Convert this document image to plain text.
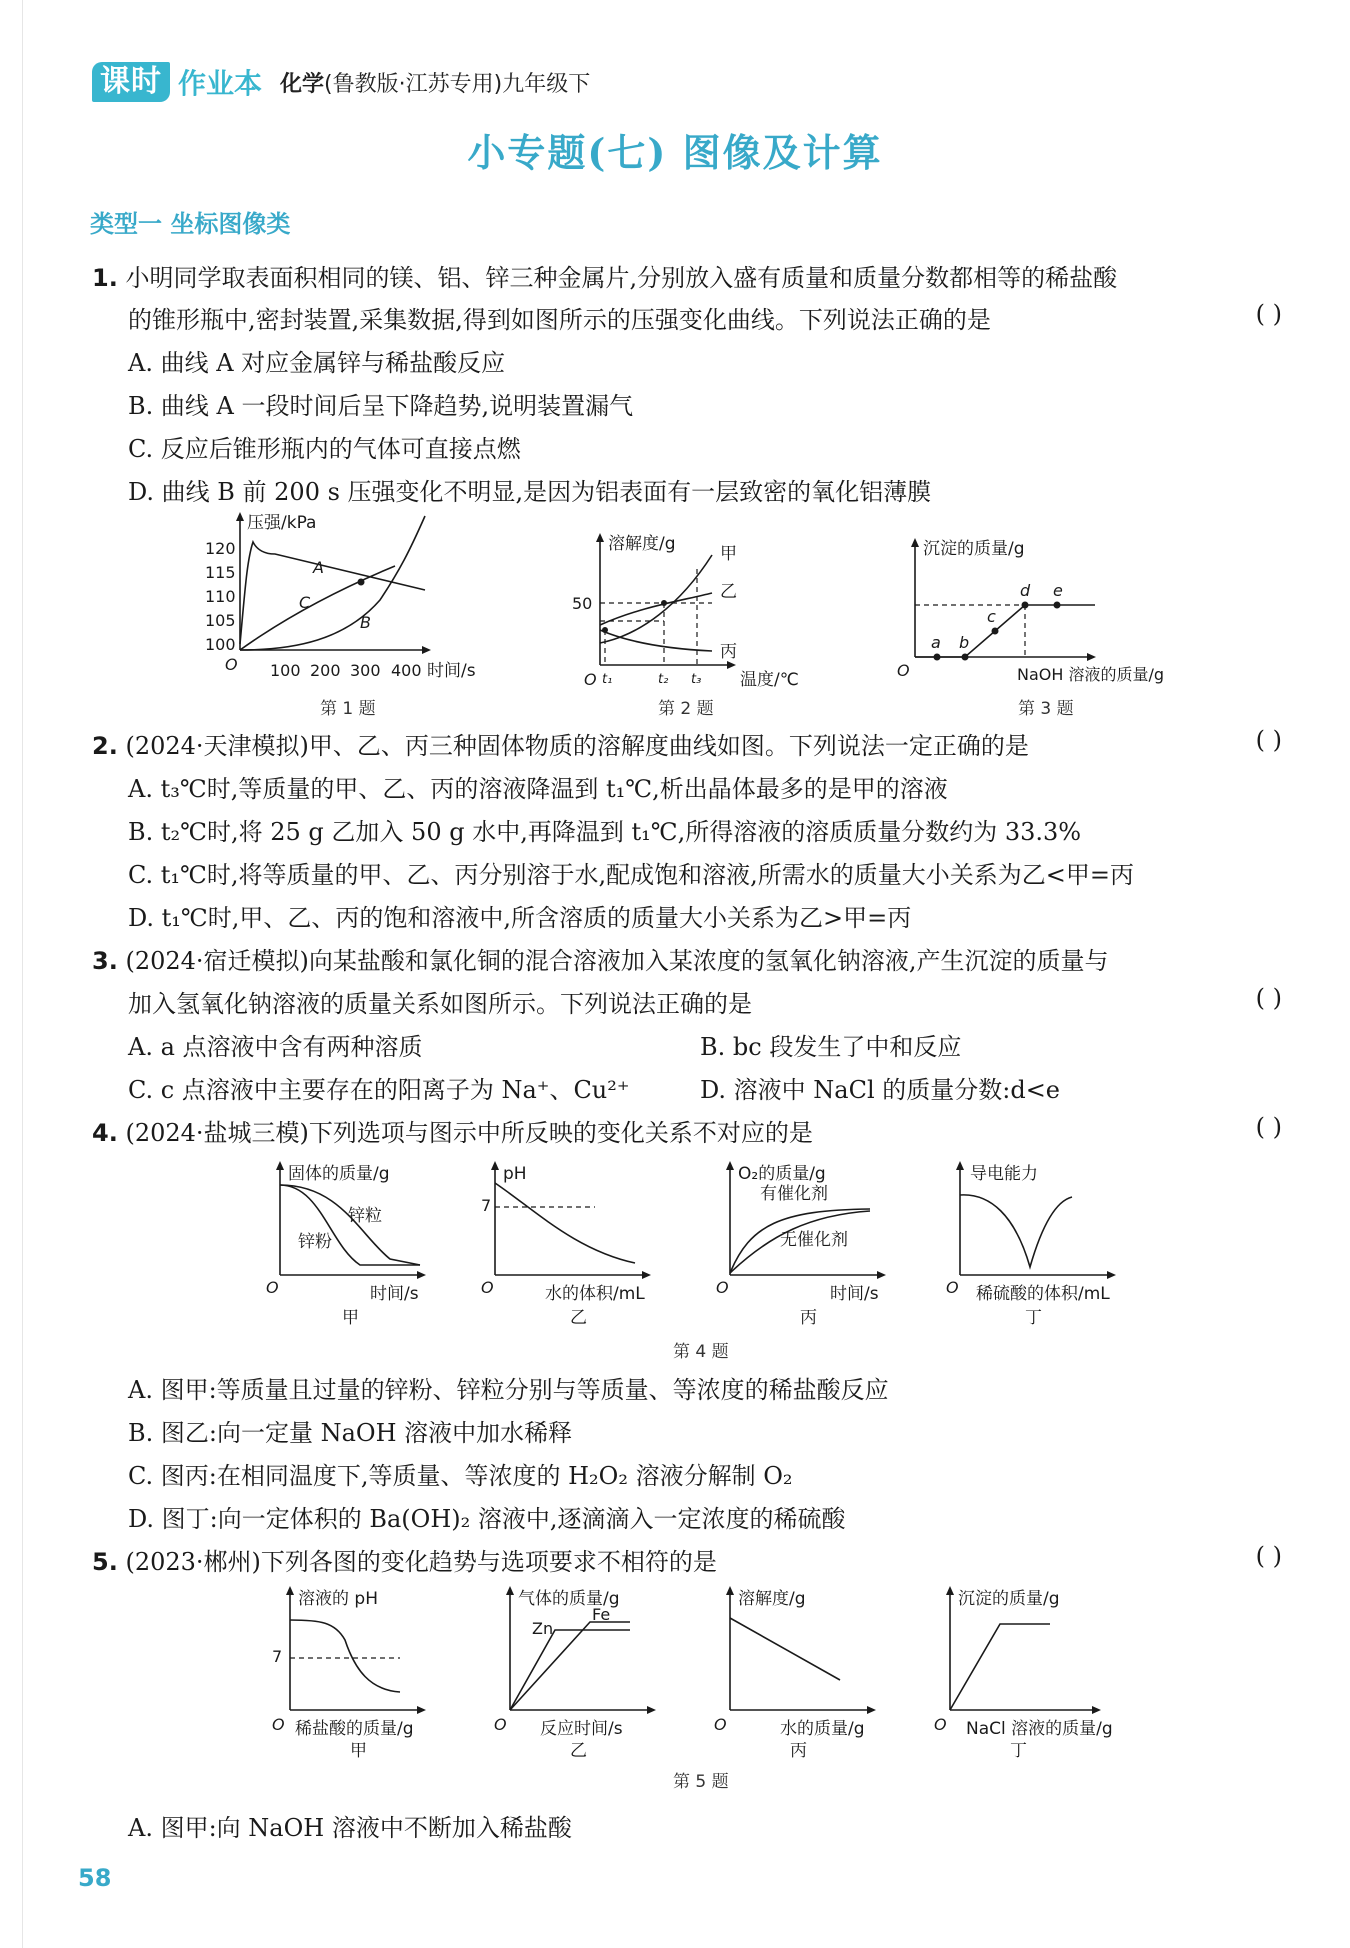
课时 作业本 化学(鲁教版·江苏专用)九年级下
小专题(七) 图像及计算
类型一 坐标图像类
1. 小明同学取表面积相同的镁、铝、锌三种金属片,分别放入盛有质量和质量分数都相等的稀盐酸
的锥形瓶中,密封装置,采集数据,得到如图所示的压强变化曲线。下列说法正确的是	( )
A. 曲线 A 对应金属锌与稀盐酸反应
B. 曲线 A 一段时间后呈下降趋势,说明装置漏气
C. 反应后锥形瓶内的气体可直接点燃
D. 曲线 B 前 200 s 压强变化不明显,是因为铝表面有一层致密的氧化铝薄膜
压强/kPa
120
115
110
105
100
O 100 200 300 400 时间/s
A
C
B
第 1 题
溶解度/g
50
O t₁	t₂ t₃ 温度/℃
甲
乙
丙
第 2 题
沉淀的质量/g
O
a b
c
d e
NaOH 溶液的质量/g
第 3 题
2. (2024·天津模拟)甲、乙、丙三种固体物质的溶解度曲线如图。下列说法一定正确的是	( )
A. t₃℃时,等质量的甲、乙、丙的溶液降温到 t₁℃,析出晶体最多的是甲的溶液
B. t₂℃时,将 25 g 乙加入 50 g 水中,再降温到 t₁℃,所得溶液的溶质质量分数约为 33.3%
C. t₁℃时,将等质量的甲、乙、丙分别溶于水,配成饱和溶液,所需水的质量大小关系为乙<甲=丙
D. t₁℃时,甲、乙、丙的饱和溶液中,所含溶质的质量大小关系为乙>甲=丙
3. (2024·宿迁模拟)向某盐酸和氯化铜的混合溶液加入某浓度的氢氧化钠溶液,产生沉淀的质量与
加入氢氧化钠溶液的质量关系如图所示。下列说法正确的是	( )
A. a 点溶液中含有两种溶质	B. bc 段发生了中和反应
C. c 点溶液中主要存在的阳离子为 Na⁺、Cu²⁺	D. 溶液中 NaCl 的质量分数:d<e
4. (2024·盐城三模)下列选项与图示中所反映的变化关系不对应的是	( )
固体的质量/g
锌粒
锌粉
O	时间/s
甲
pH
7
O	水的体积/mL
乙
O₂的质量/g
有催化剂
无催化剂
O	时间/s
丙
导电能力
O 稀硫酸的体积/mL
丁
第 4 题
A. 图甲:等质量且过量的锌粉、锌粒分别与等质量、等浓度的稀盐酸反应
B. 图乙:向一定量 NaOH 溶液中加水稀释
C. 图丙:在相同温度下,等质量、等浓度的 H₂O₂ 溶液分解制 O₂
D. 图丁:向一定体积的 Ba(OH)₂ 溶液中,逐滴滴入一定浓度的稀硫酸
5. (2023·郴州)下列各图的变化趋势与选项要求不相符的是	( )
溶液的 pH
7
O 稀盐酸的质量/g
甲
气体的质量/g
Zn
Fe
O 反应时间/s
乙
溶解度/g
O	水的质量/g
丙
沉淀的质量/g
O NaCl 溶液的质量/g
丁
第 5 题
A. 图甲:向 NaOH 溶液中不断加入稀盐酸
58
